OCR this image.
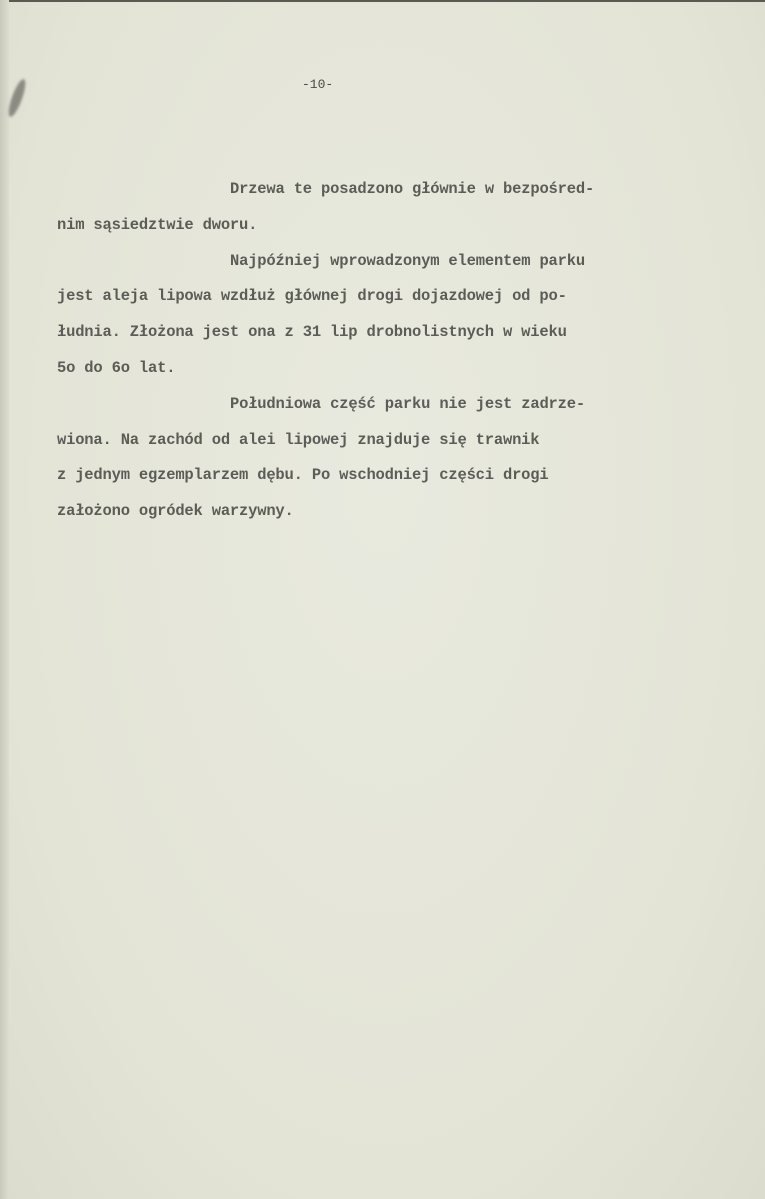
-10-
Drzewa te posadzono głównie w bezpośred-
nim sąsiedztwie dworu.
Najpóźniej wprowadzonym elementem parku
jest aleja lipowa wzdłuż głównej drogi dojazdowej od po-
łudnia. Złożona jest ona z 31 lip drobnolistnych w wieku
5o do 6o lat.
Południowa część parku nie jest zadrze-
wiona. Na zachód od alei lipowej znajduje się trawnik
z jednym egzemplarzem dębu. Po wschodniej części drogi
założono ogródek warzywny.
